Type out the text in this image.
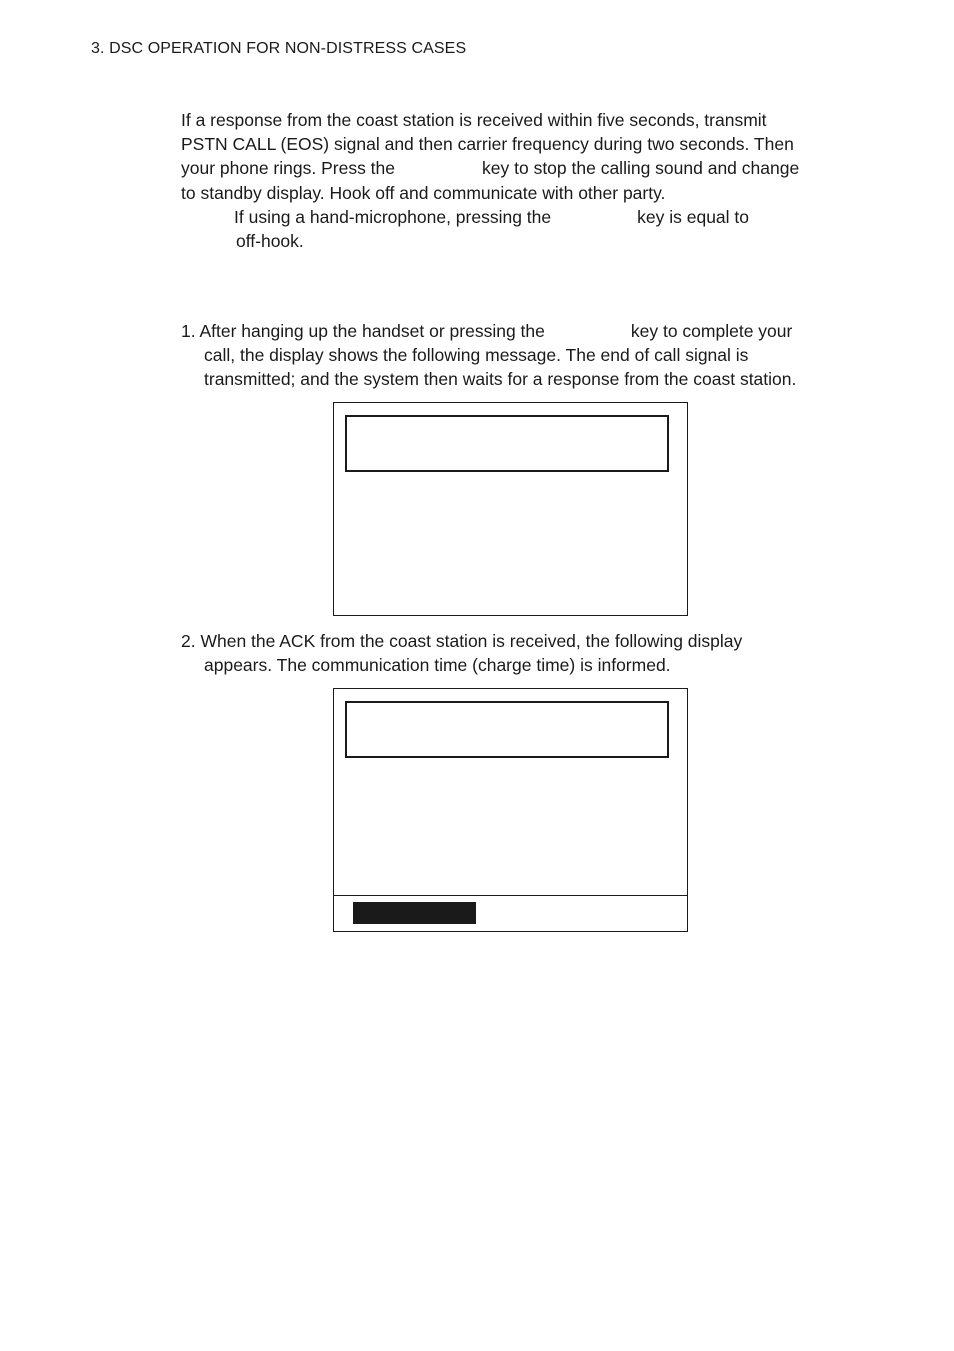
3. DSC OPERATION FOR NON-DISTRESS CASES
If a response from the coast station is received within five seconds, transmit
PSTN CALL (EOS) signal and then carrier frequency during two seconds. Then
your phone rings. Press the	key to stop the calling sound and change
to standby display. Hook off and communicate with other party.
If using a hand-microphone, pressing the	key is equal to
off-hook.
1. After hanging up the handset or pressing the	key to complete your
call, the display shows the following message. The end of call signal is
transmitted; and the system then waits for a response from the coast station.
2. When the ACK from the coast station is received, the following display
appears. The communication time (charge time) is informed.
